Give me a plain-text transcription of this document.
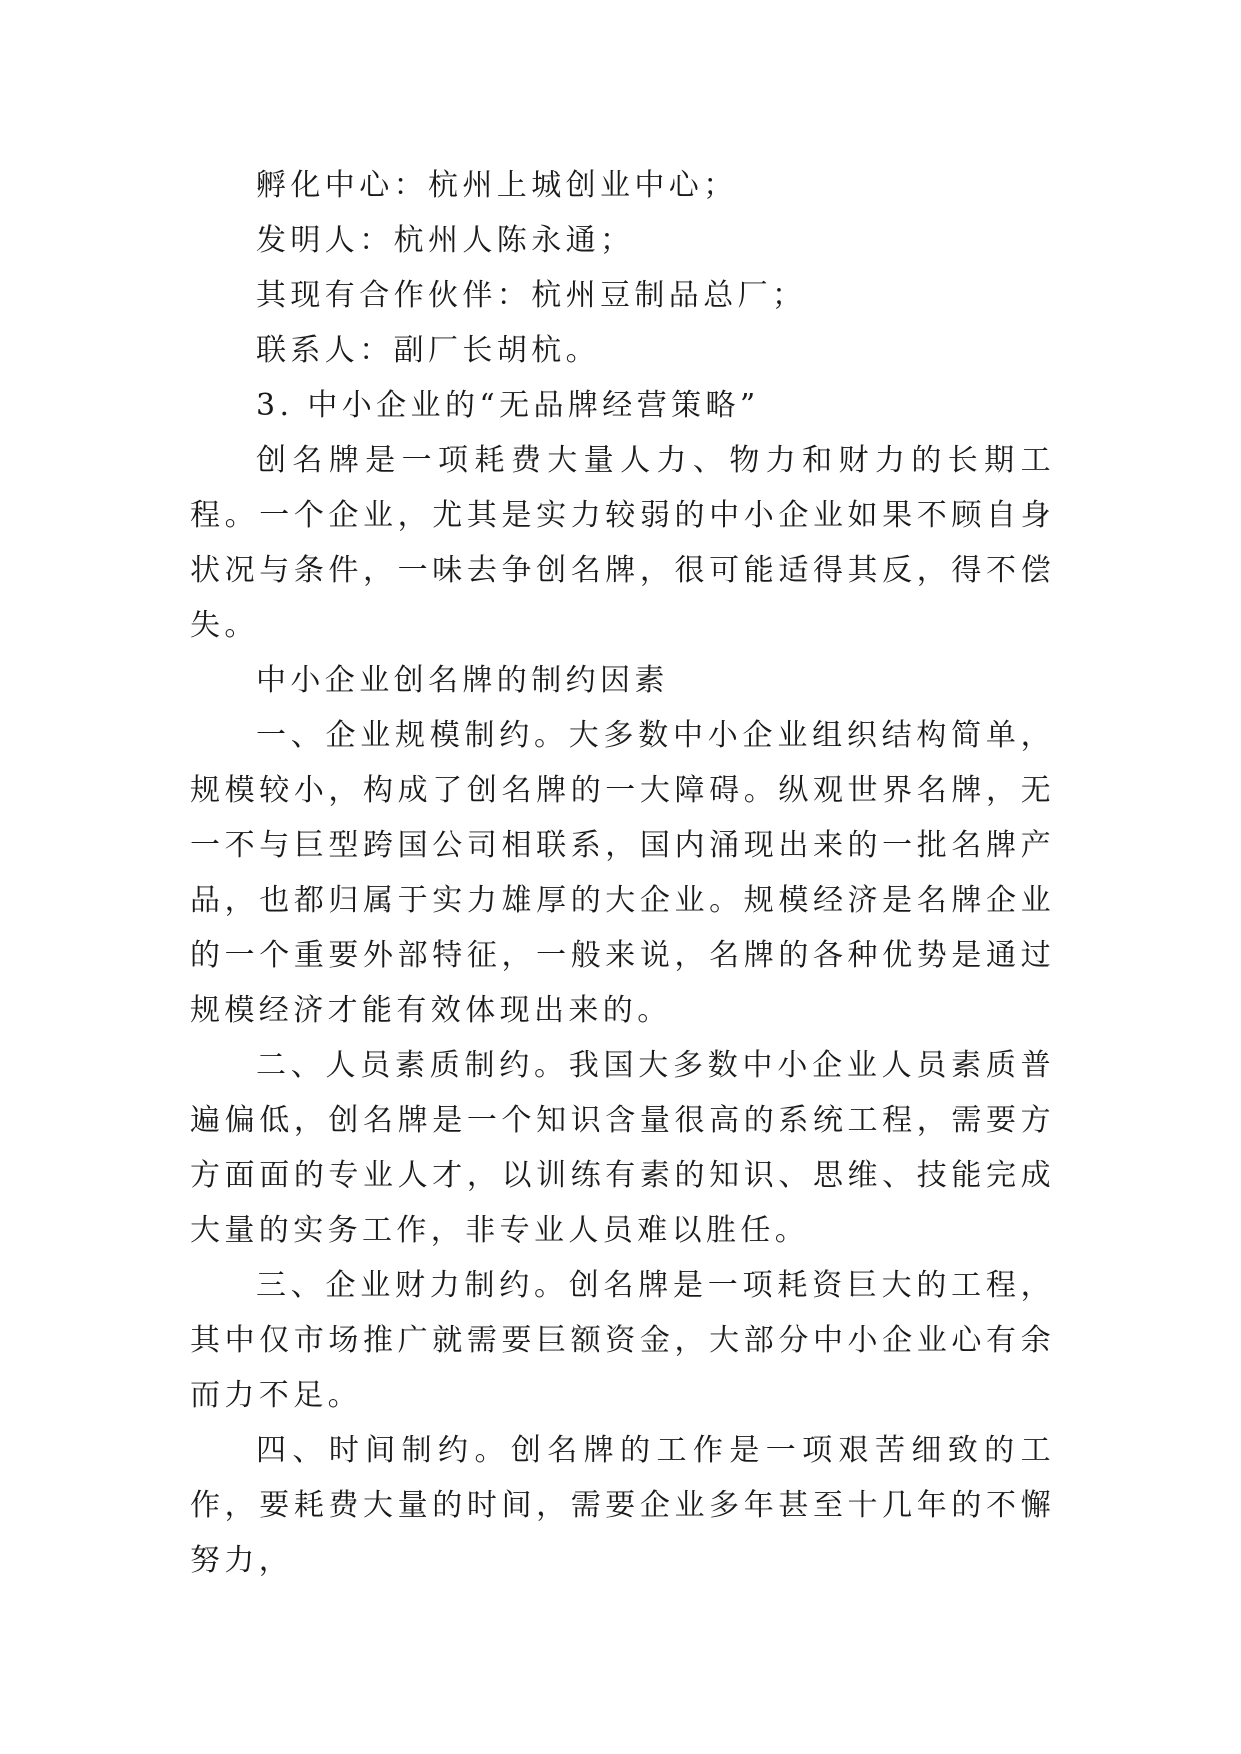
孵化中心：杭州上城创业中心；

发明人：杭州人陈永通；

其现有合作伙伴：杭州豆制品总厂；

联系人：副厂长胡杭。

3. 中小企业的“无品牌经营策略”

创名牌是一项耗费大量人力、物力和财力的长期工程。一个企业，尤其是实力较弱的中小企业如果不顾自身状况与条件，一味去争创名牌，很可能适得其反，得不偿失。

中小企业创名牌的制约因素

一、企业规模制约。大多数中小企业组织结构简单，规模较小，构成了创名牌的一大障碍。纵观世界名牌，无一不与巨型跨国公司相联系，国内涌现出来的一批名牌产品，也都归属于实力雄厚的大企业。规模经济是名牌企业的一个重要外部特征，一般来说，名牌的各种优势是通过规模经济才能有效体现出来的。

二、人员素质制约。我国大多数中小企业人员素质普遍偏低，创名牌是一个知识含量很高的系统工程，需要方方面面的专业人才，以训练有素的知识、思维、技能完成大量的实务工作，非专业人员难以胜任。

三、企业财力制约。创名牌是一项耗资巨大的工程，其中仅市场推广就需要巨额资金，大部分中小企业心有余而力不足。

四、时间制约。创名牌的工作是一项艰苦细致的工作，要耗费大量的时间，需要企业多年甚至十几年的不懈努力，
